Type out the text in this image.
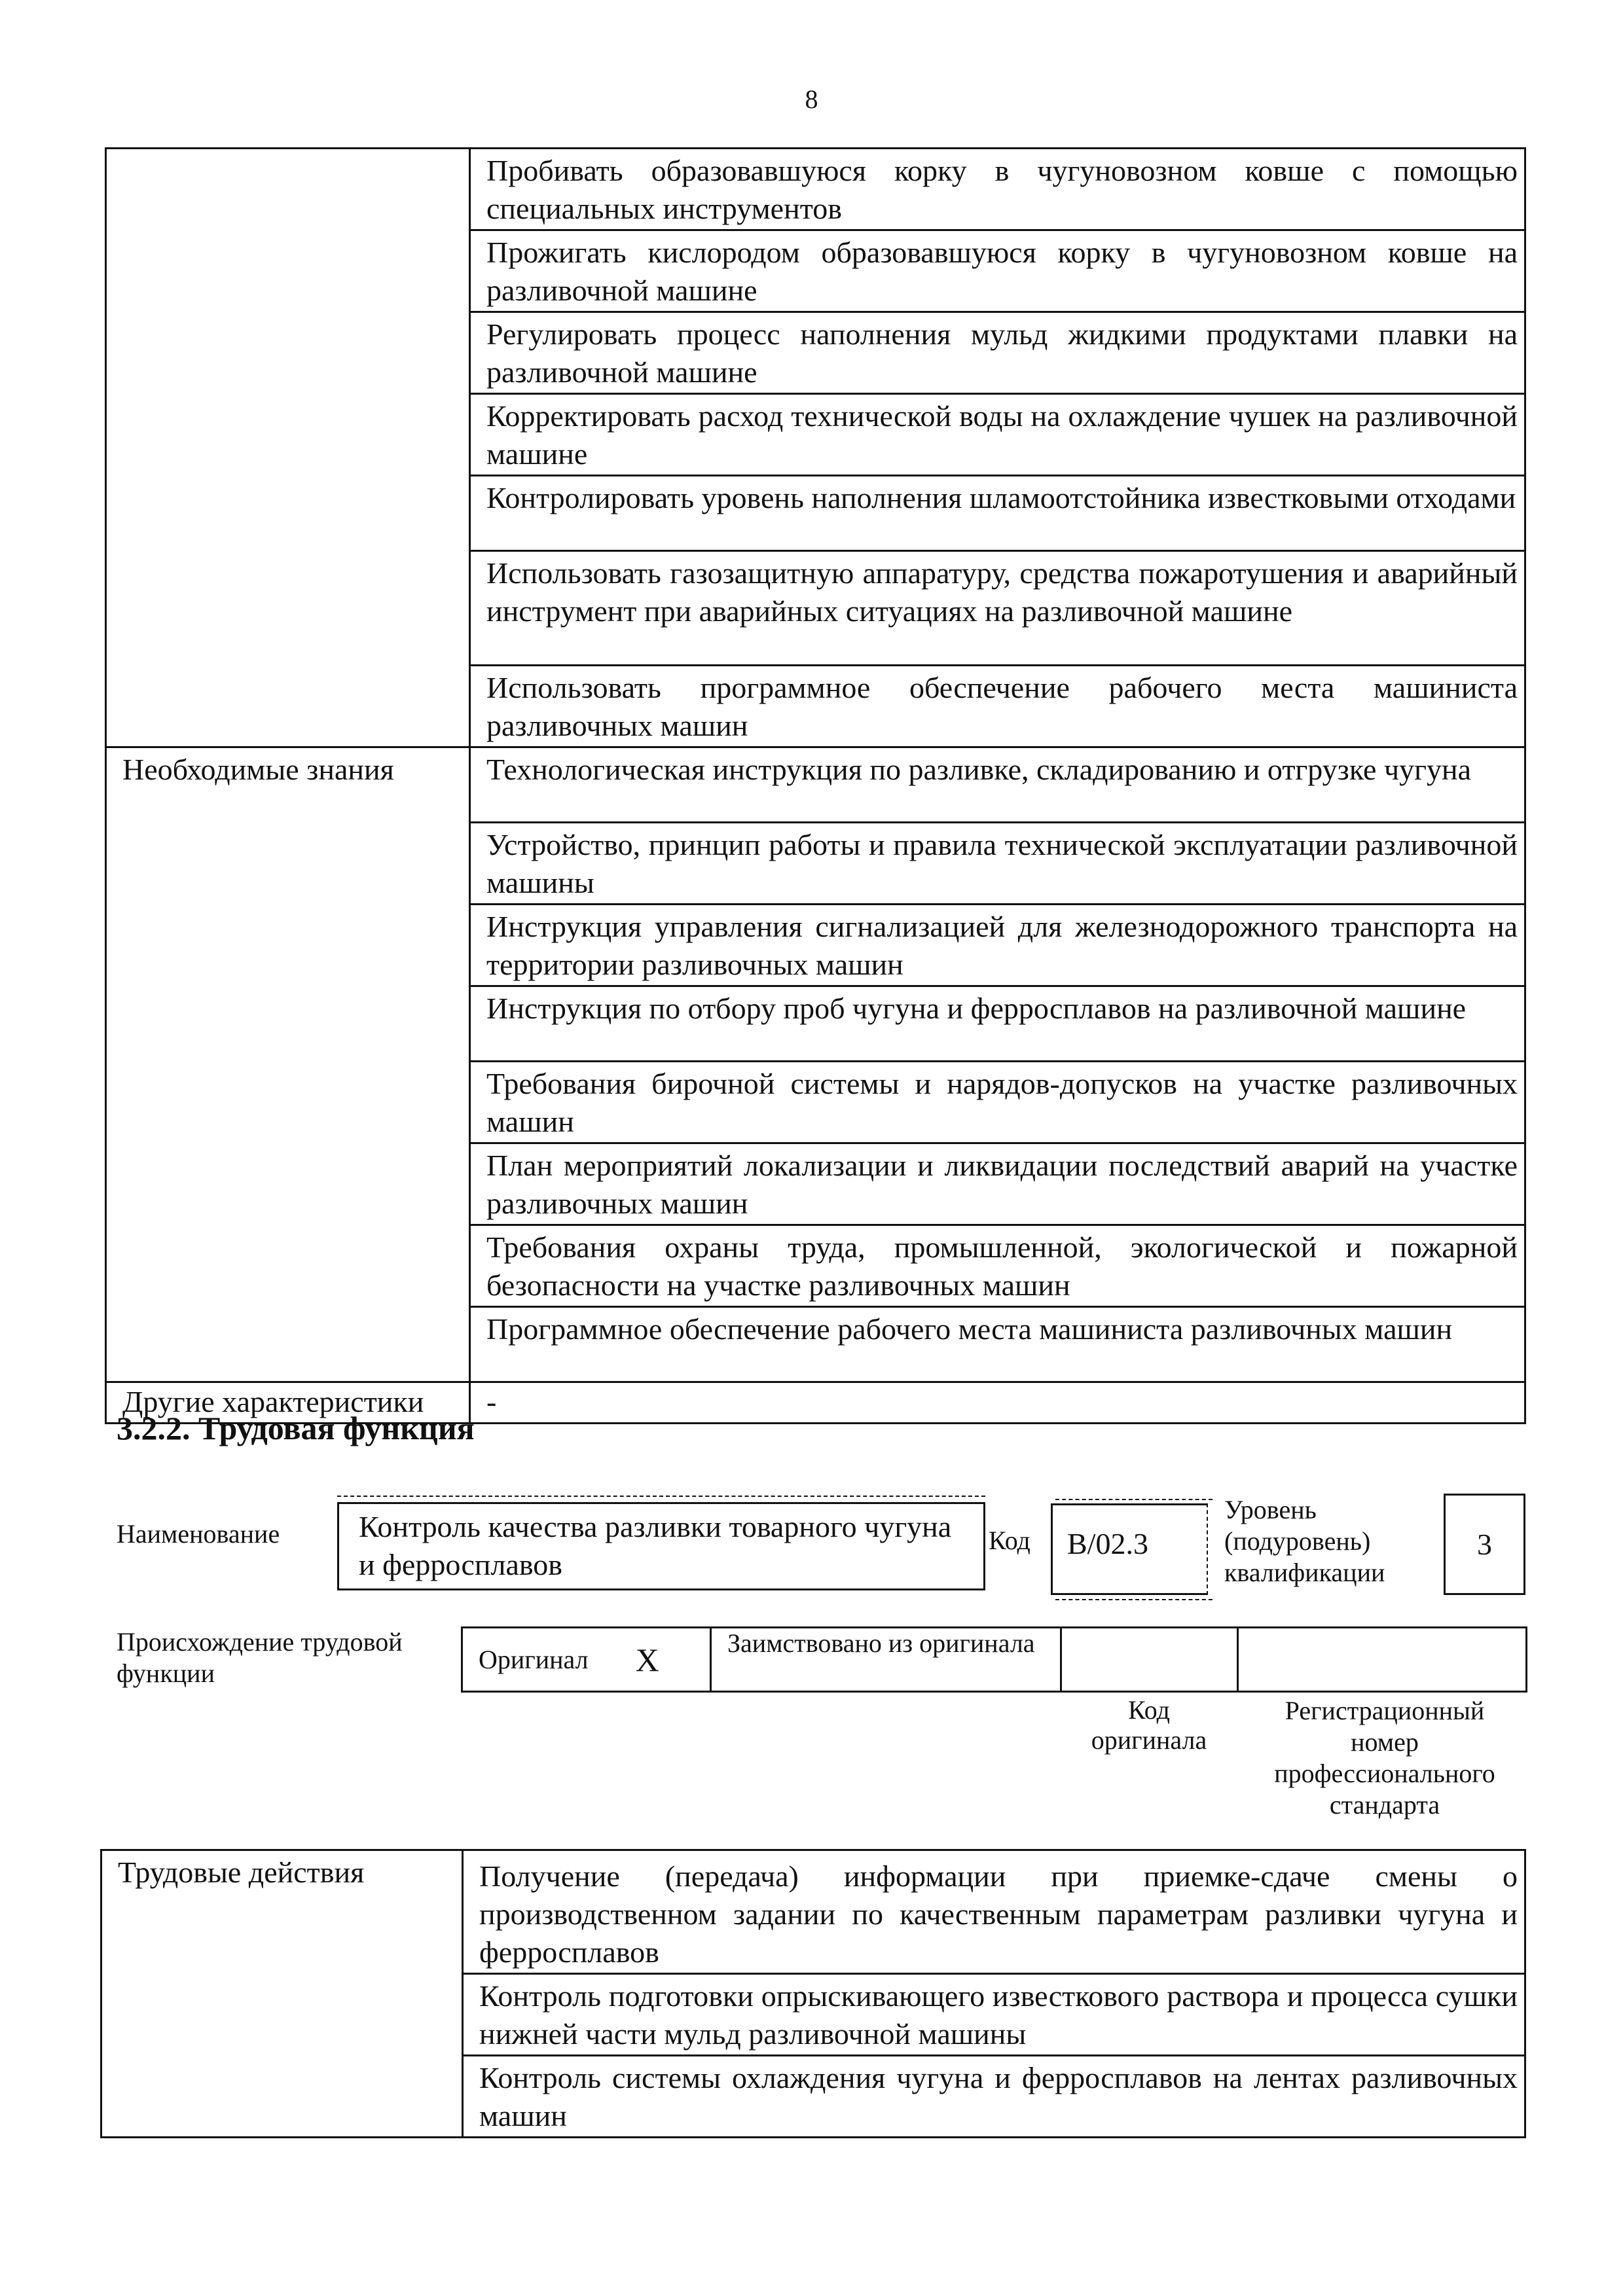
8

	Пробивать образовавшуюся корку в чугуновозном ковше с помощью специальных инструментов

	Прожигать кислородом образовавшуюся корку в чугуновозном ковше на разливочной машине

	Регулировать процесс наполнения мульд жидкими продуктами плавки на разливочной машине

	Корректировать расход технической воды на охлаждение чушек на разливочной машине

	Контролировать уровень наполнения шламоотстойника известковыми отходами

	Использовать газозащитную аппаратуру, средства пожаротушения и аварийный инструмент при аварийных ситуациях на разливочной машине

	Использовать программное обеспечение рабочего места машиниста разливочных машин

Необходимые знания	Технологическая инструкция по разливке, складированию и отгрузке чугуна

	Устройство, принцип работы и правила технической эксплуатации разливочной машины

	Инструкция управления сигнализацией для железнодорожного транспорта на территории разливочных машин

	Инструкция по отбору проб чугуна и ферросплавов на разливочной машине

	Требования бирочной системы и нарядов-допусков на участке разливочных машин

	План мероприятий локализации и ликвидации последствий аварий на участке разливочных машин

	Требования охраны труда, промышленной, экологической и пожарной безопасности на участке разливочных машин

	Программное обеспечение рабочего места машиниста разливочных машин

Другие характеристики	-
3.2.2. Трудовая функция
Наименование	Контроль качества разливки товарного чугуна и ферросплавов
Код	B/02.3
Уровень (подуровень) квалификации
3
Происхождение трудовой функции	Оригинал X	Заимствовано из оригинала

Код оригинала
Регистрационный номер профессионального стандарта
Трудовые действия	Получение (передача) информации при приемке-сдаче смены о производственном задании по качественным параметрам разливки чугуна и ферросплавов

Контроль подготовки опрыскивающего известкового раствора и процесса сушки нижней части мульд разливочной машины

Контроль системы охлаждения чугуна и ферросплавов на лентах разливочных машин
